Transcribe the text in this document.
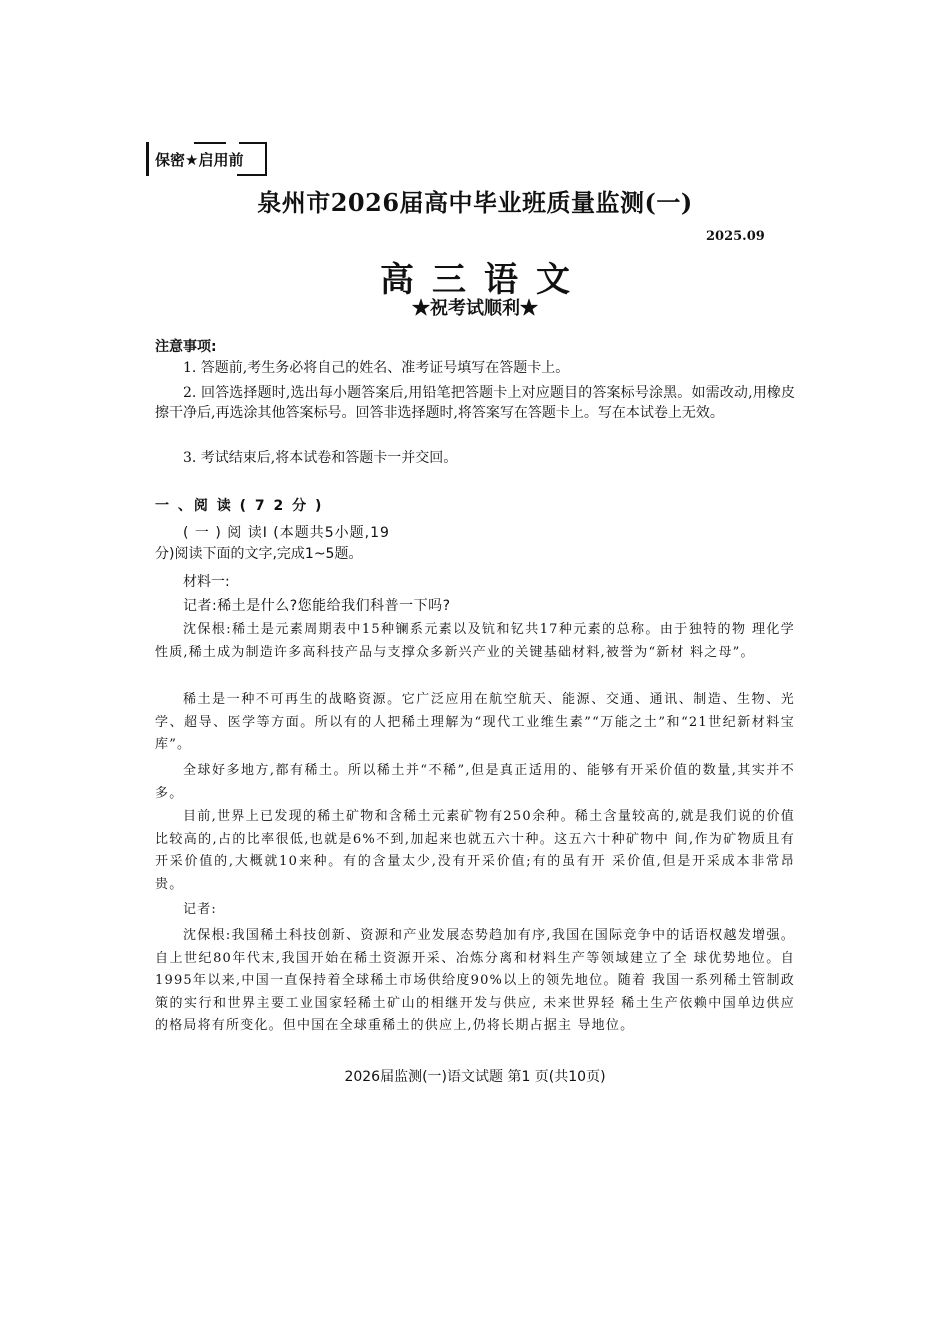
保密★启用前
泉州市2026届高中毕业班质量监测(一)
2025.09
高三语文
★祝考试顺利★
注意事项:
1. 答题前,考生务必将自己的姓名、准考证号填写在答题卡上。
2. 回答选择题时,选出每小题答案后,用铅笔把答题卡上对应题目的答案标号涂黑。如需改动,用橡皮擦干净后,再选涂其他答案标号。回答非选择题时,将答案写在答题卡上。写在本试卷上无效。
3. 考试结束后,将本试卷和答题卡一并交回。
一 、阅 读 ( 7 2 分 )
( 一 ) 阅 读Ⅰ (本题共5小题,19
分)阅读下面的文字,完成1~5题。
材料一:
记者:稀土是什么?您能给我们科普一下吗?
沈保根:稀土是元素周期表中15种镧系元素以及钪和钇共17种元素的总称。由于独特的物 理化学性质,稀土成为制造许多高科技产品与支撑众多新兴产业的关键基础材料,被誉为“新材 料之母”。
稀土是一种不可再生的战略资源。它广泛应用在航空航天、能源、交通、通讯、制造、生物、光学、超导、医学等方面。所以有的人把稀土理解为“现代工业维生素”“万能之土”和“21世纪新材料宝库”。
全球好多地方,都有稀土。所以稀土并“不稀”,但是真正适用的、能够有开采价值的数量,其实并不多。
目前,世界上已发现的稀土矿物和含稀土元素矿物有250余种。稀土含量较高的,就是我们说的价值比较高的,占的比率很低,也就是6%不到,加起来也就五六十种。这五六十种矿物中 间,作为矿物质且有开采价值的,大概就10来种。有的含量太少,没有开采价值;有的虽有开 采价值,但是开采成本非常昂贵。
记者:
沈保根:我国稀土科技创新、资源和产业发展态势趋加有序,我国在国际竞争中的话语权越发增强。自上世纪80年代末,我国开始在稀土资源开采、冶炼分离和材料生产等领域建立了全 球优势地位。自1995年以来,中国一直保持着全球稀土市场供给度90%以上的领先地位。随着 我国一系列稀土管制政策的实行和世界主要工业国家轻稀土矿山的相继开发与供应, 未来世界轻 稀土生产依赖中国单边供应的格局将有所变化。但中国在全球重稀土的供应上,仍将长期占据主 导地位。
2026届监测(一)语文试题 第1 页(共10页)
